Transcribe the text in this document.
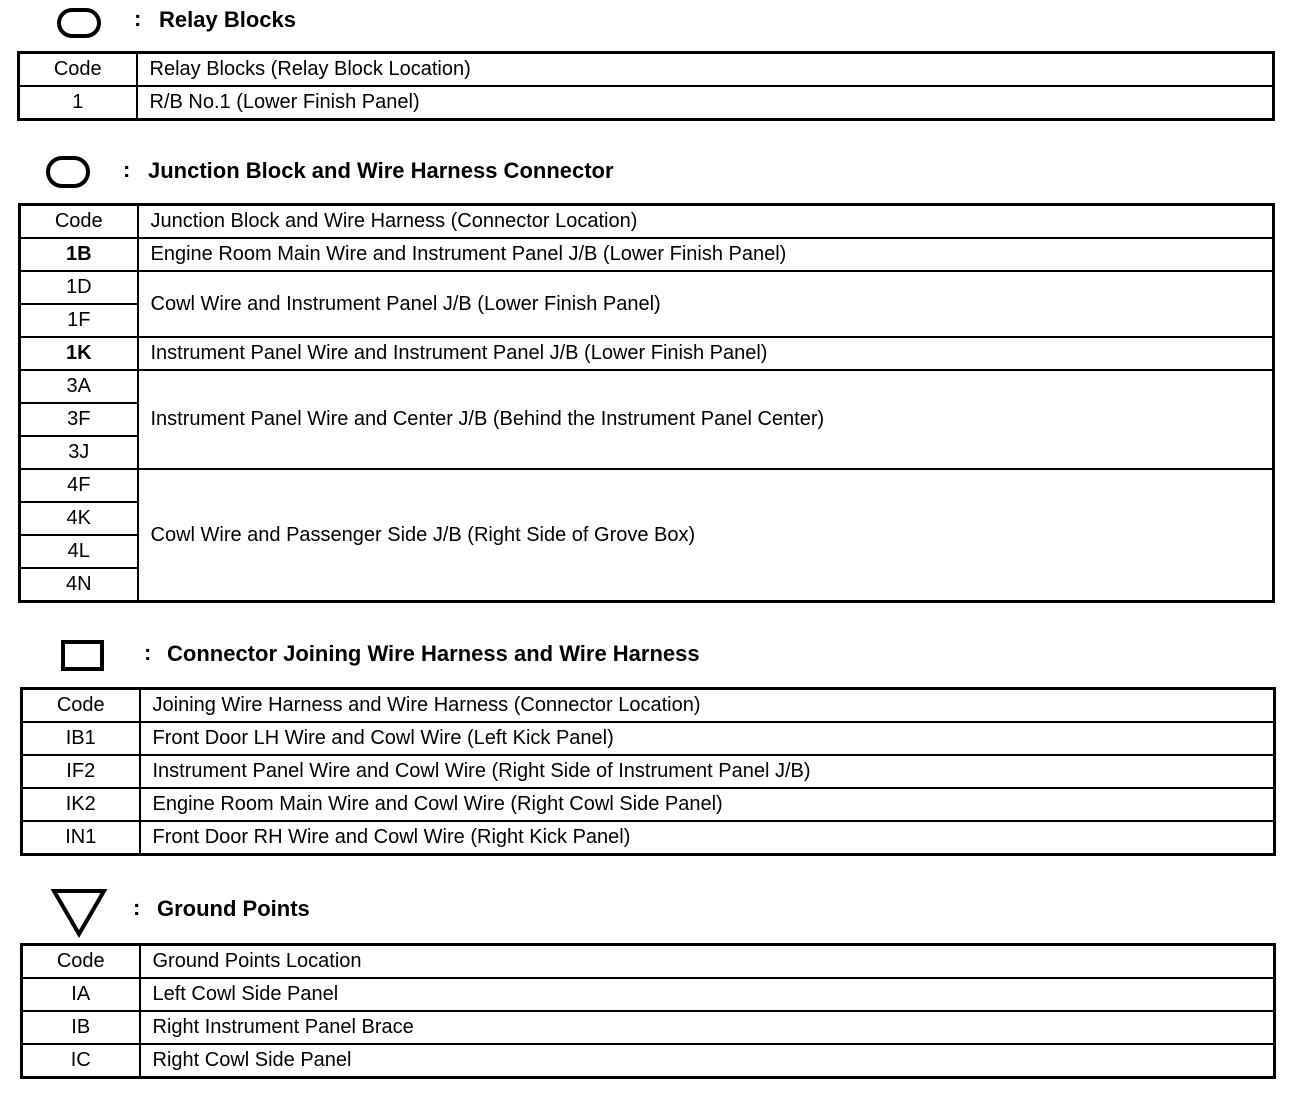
: Relay Blocks
Code	Relay Blocks (Relay Block Location)
1	R/B No.1 (Lower Finish Panel)
: Junction Block and Wire Harness Connector
Code	Junction Block and Wire Harness (Connector Location)
1B	Engine Room Main Wire and Instrument Panel J/B (Lower Finish Panel)
1D	Cowl Wire and Instrument Panel J/B (Lower Finish Panel)
1F	
1K	Instrument Panel Wire and Instrument Panel J/B (Lower Finish Panel)
3A	Instrument Panel Wire and Center J/B (Behind the Instrument Panel Center)
3F	
3J	
4F	Cowl Wire and Passenger Side J/B (Right Side of Grove Box)
4K	
4L	
4N	
: Connector Joining Wire Harness and Wire Harness
Code	Joining Wire Harness and Wire Harness (Connector Location)
IB1	Front Door LH Wire and Cowl Wire (Left Kick Panel)
IF2	Instrument Panel Wire and Cowl Wire (Right Side of Instrument Panel J/B)
IK2	Engine Room Main Wire and Cowl Wire (Right Cowl Side Panel)
IN1	Front Door RH Wire and Cowl Wire (Right Kick Panel)
: Ground Points
Code	Ground Points Location
IA	Left Cowl Side Panel
IB	Right Instrument Panel Brace
IC	Right Cowl Side Panel
